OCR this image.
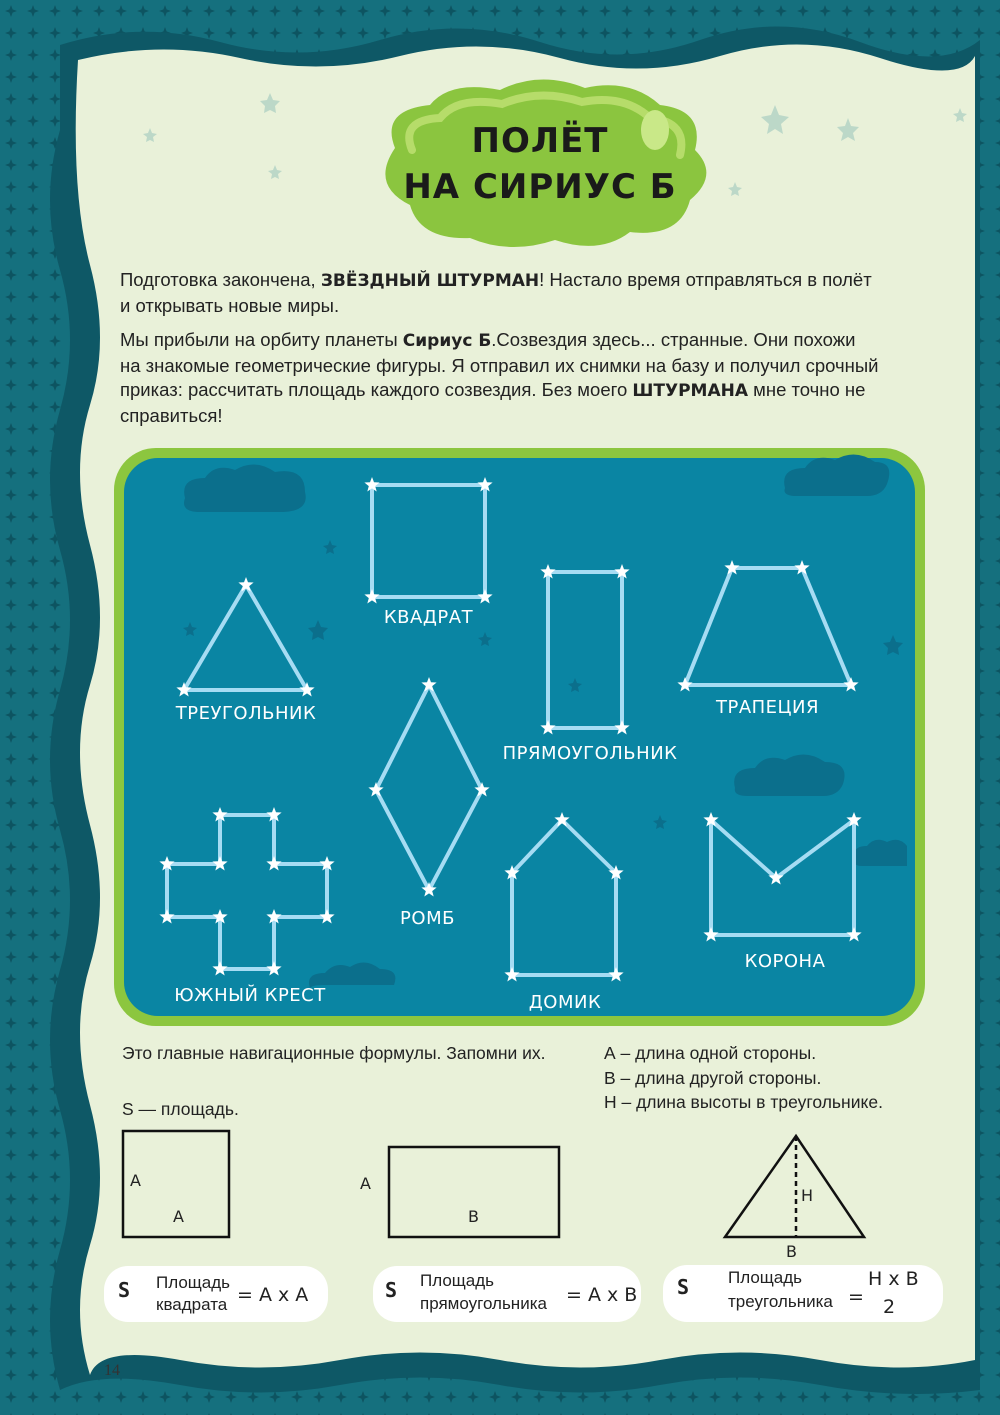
ПОЛЁТ
НА СИРИУС Б
Подготовка закончена, ЗВЁЗДНЫЙ ШТУРМАН! Настало время отправляться в полёт
и открывать новые миры.
Мы прибыли на орбиту планеты Сириус Б.Созвездия здесь... странные. Они похожи
на знакомые геометрические фигуры. Я отправил их снимки на базу и получил срочный
приказ: рассчитать площадь каждого созвездия. Без моего ШТУРМАНА мне точно не
справиться!
КВАДРАТ
ТРЕУГОЛЬНИК
ПРЯМОУГОЛЬНИК
ТРАПЕЦИЯ
РОМБ
ЮЖНЫЙ КРЕСТ	ДОМИК
КОРОНА
Это главные навигационные формулы. Запомни их.	А – длина одной стороны.
В – длина другой стороны.
Н – длина высоты в треугольнике.
S — площадь.
А
А
А
В
Н
В
S Площадь
квадрата = А х А	S Площадь
прямоугольника = А х В S Площадь
треугольника =
Н х В
2
14
